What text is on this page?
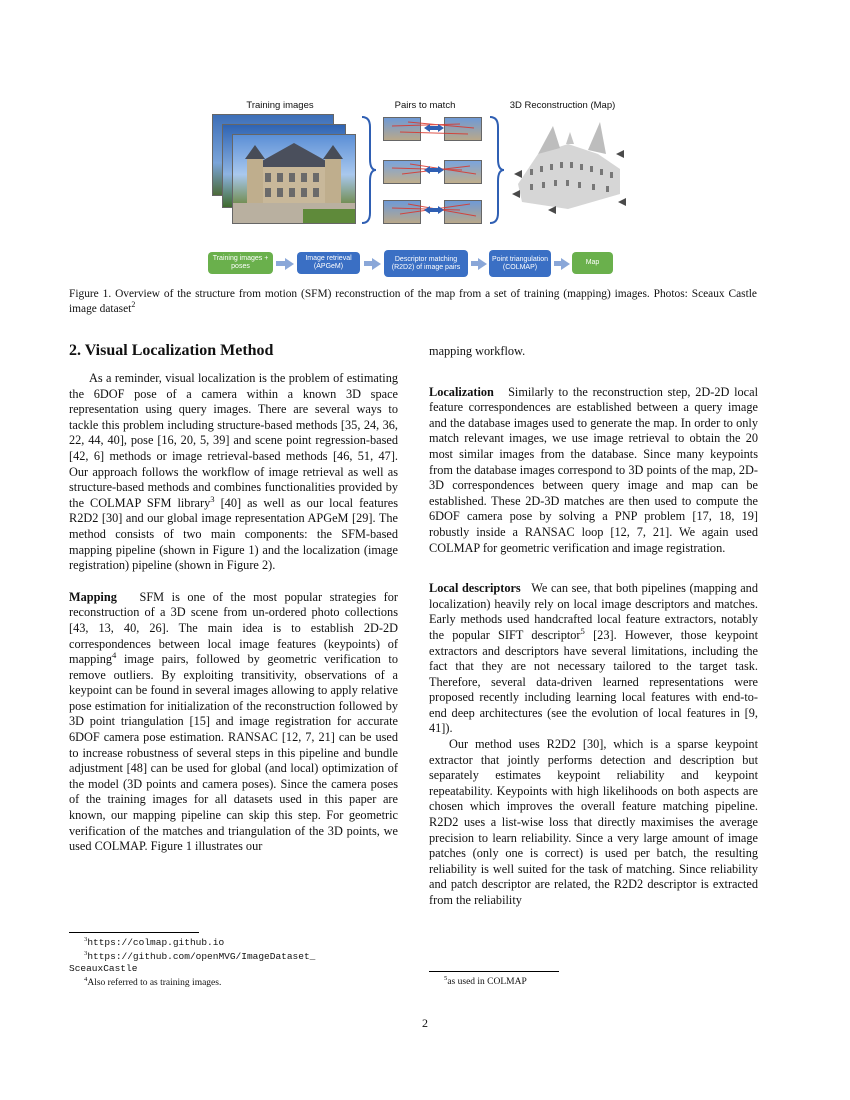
Training images	Pairs to match	3D Reconstruction (Map)
Training images + poses
Image retrieval (APGeM)
Descriptor matching (R2D2) of image pairs
Point triangulation (COLMAP)
Map
Figure 1. Overview of the structure from motion (SFM) reconstruction of the map from a set of training (mapping) images. Photos: Sceaux Castle image dataset$^2$
2. Visual Localization Method

As a reminder, visual localization is the problem of estimating the 6DOF pose of a camera within a known 3D space representation using query images. There are several ways to tackle this problem including structure-based methods [35, 24, 36, 22, 44, 40], pose [16, 20, 5, 39] and scene point regression-based [42, 6] methods or image retrieval-based methods [46, 51, 47]. Our approach follows the workflow of image retrieval as well as structure-based methods and combines functionalities provided by the COLMAP SFM library$^3$ [40] as well as our local features R2D2 [30] and our global image representation APGeM [29]. The method consists of two main components: the SFM-based mapping pipeline (shown in Figure 1) and the localization (image registration) pipeline (shown in Figure 2).

Mapping SFM is one of the most popular strategies for reconstruction of a 3D scene from un-ordered photo collections [43, 13, 40, 26]. The main idea is to establish 2D-2D correspondences between local image features (keypoints) of mapping$^4$ image pairs, followed by geometric verification to remove outliers. By exploiting transitivity, observations of a keypoint can be found in several images allowing to apply relative pose estimation for initialization of the reconstruction followed by 3D point triangulation [15] and image registration for accurate 6DOF camera pose estimation. RANSAC [12, 7, 21] can be used to increase robustness of several steps in this pipeline and bundle adjustment [48] can be used for global (and local) optimization of the model (3D points and camera poses). Since the camera poses of the training images for all datasets used in this paper are known, our mapping pipeline can skip this step. For geometric verification of the matches and triangulation of the 3D points, we used COLMAP. Figure 1 illustrates our

$^3$https://colmap.github.io
$^3$https://github.com/openMVG/ImageDataset_ SceauxCastle
$^4$Also referred to as training images.

mapping workflow.

Localization Similarly to the reconstruction step, 2D-2D local feature correspondences are established between a query image and the database images used to generate the map. In order to only match relevant images, we use image retrieval to obtain the 20 most similar images from the database. Since many keypoints from the database images correspond to 3D points of the map, 2D-3D correspondences between query image and map can be established. These 2D-3D matches are then used to compute the 6DOF camera pose by solving a PNP problem [17, 18, 19] robustly inside a RANSAC loop [12, 7, 21]. We again used COLMAP for geometric verification and image registration.

Local descriptors We can see, that both pipelines (mapping and localization) heavily rely on local image descriptors and matches. Early methods used handcrafted local feature extractors, notably the popular SIFT descriptor$^5$ [23]. However, those keypoint extractors and descriptors have several limitations, including the fact that they are not necessary tailored to the target task. Therefore, several data-driven learned representations were proposed recently including learning local features with end-to-end deep architectures (see the evolution of local features in [9, 41]).

Our method uses R2D2 [30], which is a sparse keypoint extractor that jointly performs detection and description but separately estimates keypoint reliability and keypoint repeatability. Keypoints with high likelihoods on both aspects are chosen which improves the overall feature matching pipeline. R2D2 uses a list-wise loss that directly maximises the average precision to learn reliability. Since a very large amount of image patches (only one is correct) is used per batch, the resulting reliability is well suited for the task of matching. Since reliability and patch descriptor are related, the R2D2 descriptor is extracted from the reliability

$^5$as used in COLMAP
2
